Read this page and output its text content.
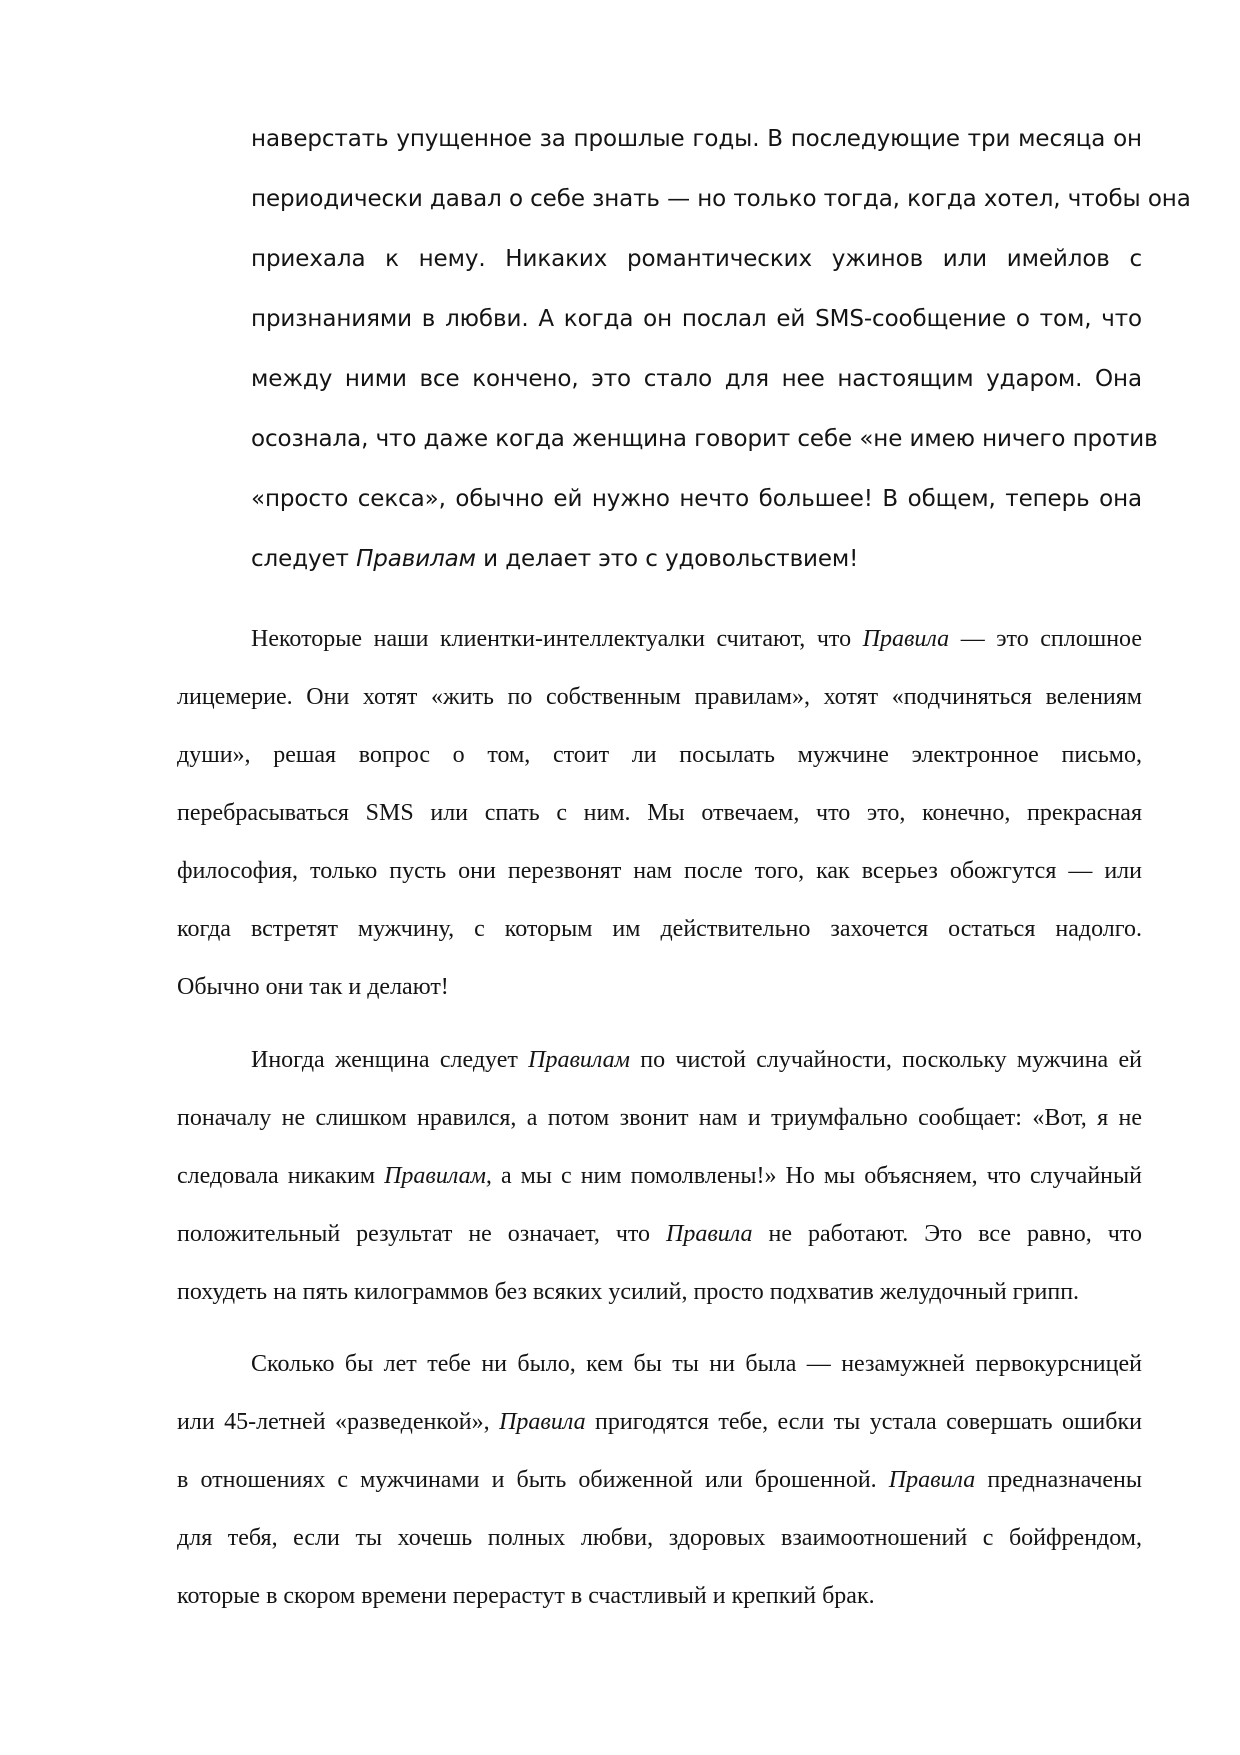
наверстать упущенное за прошлые годы. В последующие три месяца он
периодически давал о себе знать — но только тогда, когда хотел, чтобы она
приехала к нему. Никаких романтических ужинов или имейлов с
признаниями в любви. А когда он послал ей SMS-сообщение о том, что
между ними все кончено, это стало для нее настоящим ударом. Она
осознала, что даже когда женщина говорит себе «не имею ничего против
«просто секса», обычно ей нужно нечто большее! В общем, теперь она
следует Правилам и делает это с удовольствием!
Некоторые наши клиентки-интеллектуалки считают, что Правила — это сплошное
лицемерие. Они хотят «жить по собственным правилам», хотят «подчиняться велениям
души», решая вопрос о том, стоит ли посылать мужчине электронное письмо,
перебрасываться SMS или спать с ним. Мы отвечаем, что это, конечно, прекрасная
философия, только пусть они перезвонят нам после того, как всерьез обожгутся — или
когда встретят мужчину, с которым им действительно захочется остаться надолго.
Обычно они так и делают!
Иногда женщина следует Правилам по чистой случайности, поскольку мужчина ей
поначалу не слишком нравился, а потом звонит нам и триумфально сообщает: «Вот, я не
следовала никаким Правилам, а мы с ним помолвлены!» Но мы объясняем, что случайный
положительный результат не означает, что Правила не работают. Это все равно, что
похудеть на пять килограммов без всяких усилий, просто подхватив желудочный грипп.
Сколько бы лет тебе ни было, кем бы ты ни была — незамужней первокурсницей
или 45-летней «разведенкой», Правила пригодятся тебе, если ты устала совершать ошибки
в отношениях с мужчинами и быть обиженной или брошенной. Правила предназначены
для тебя, если ты хочешь полных любви, здоровых взаимоотношений с бойфрендом,
которые в скором времени перерастут в счастливый и крепкий брак.
